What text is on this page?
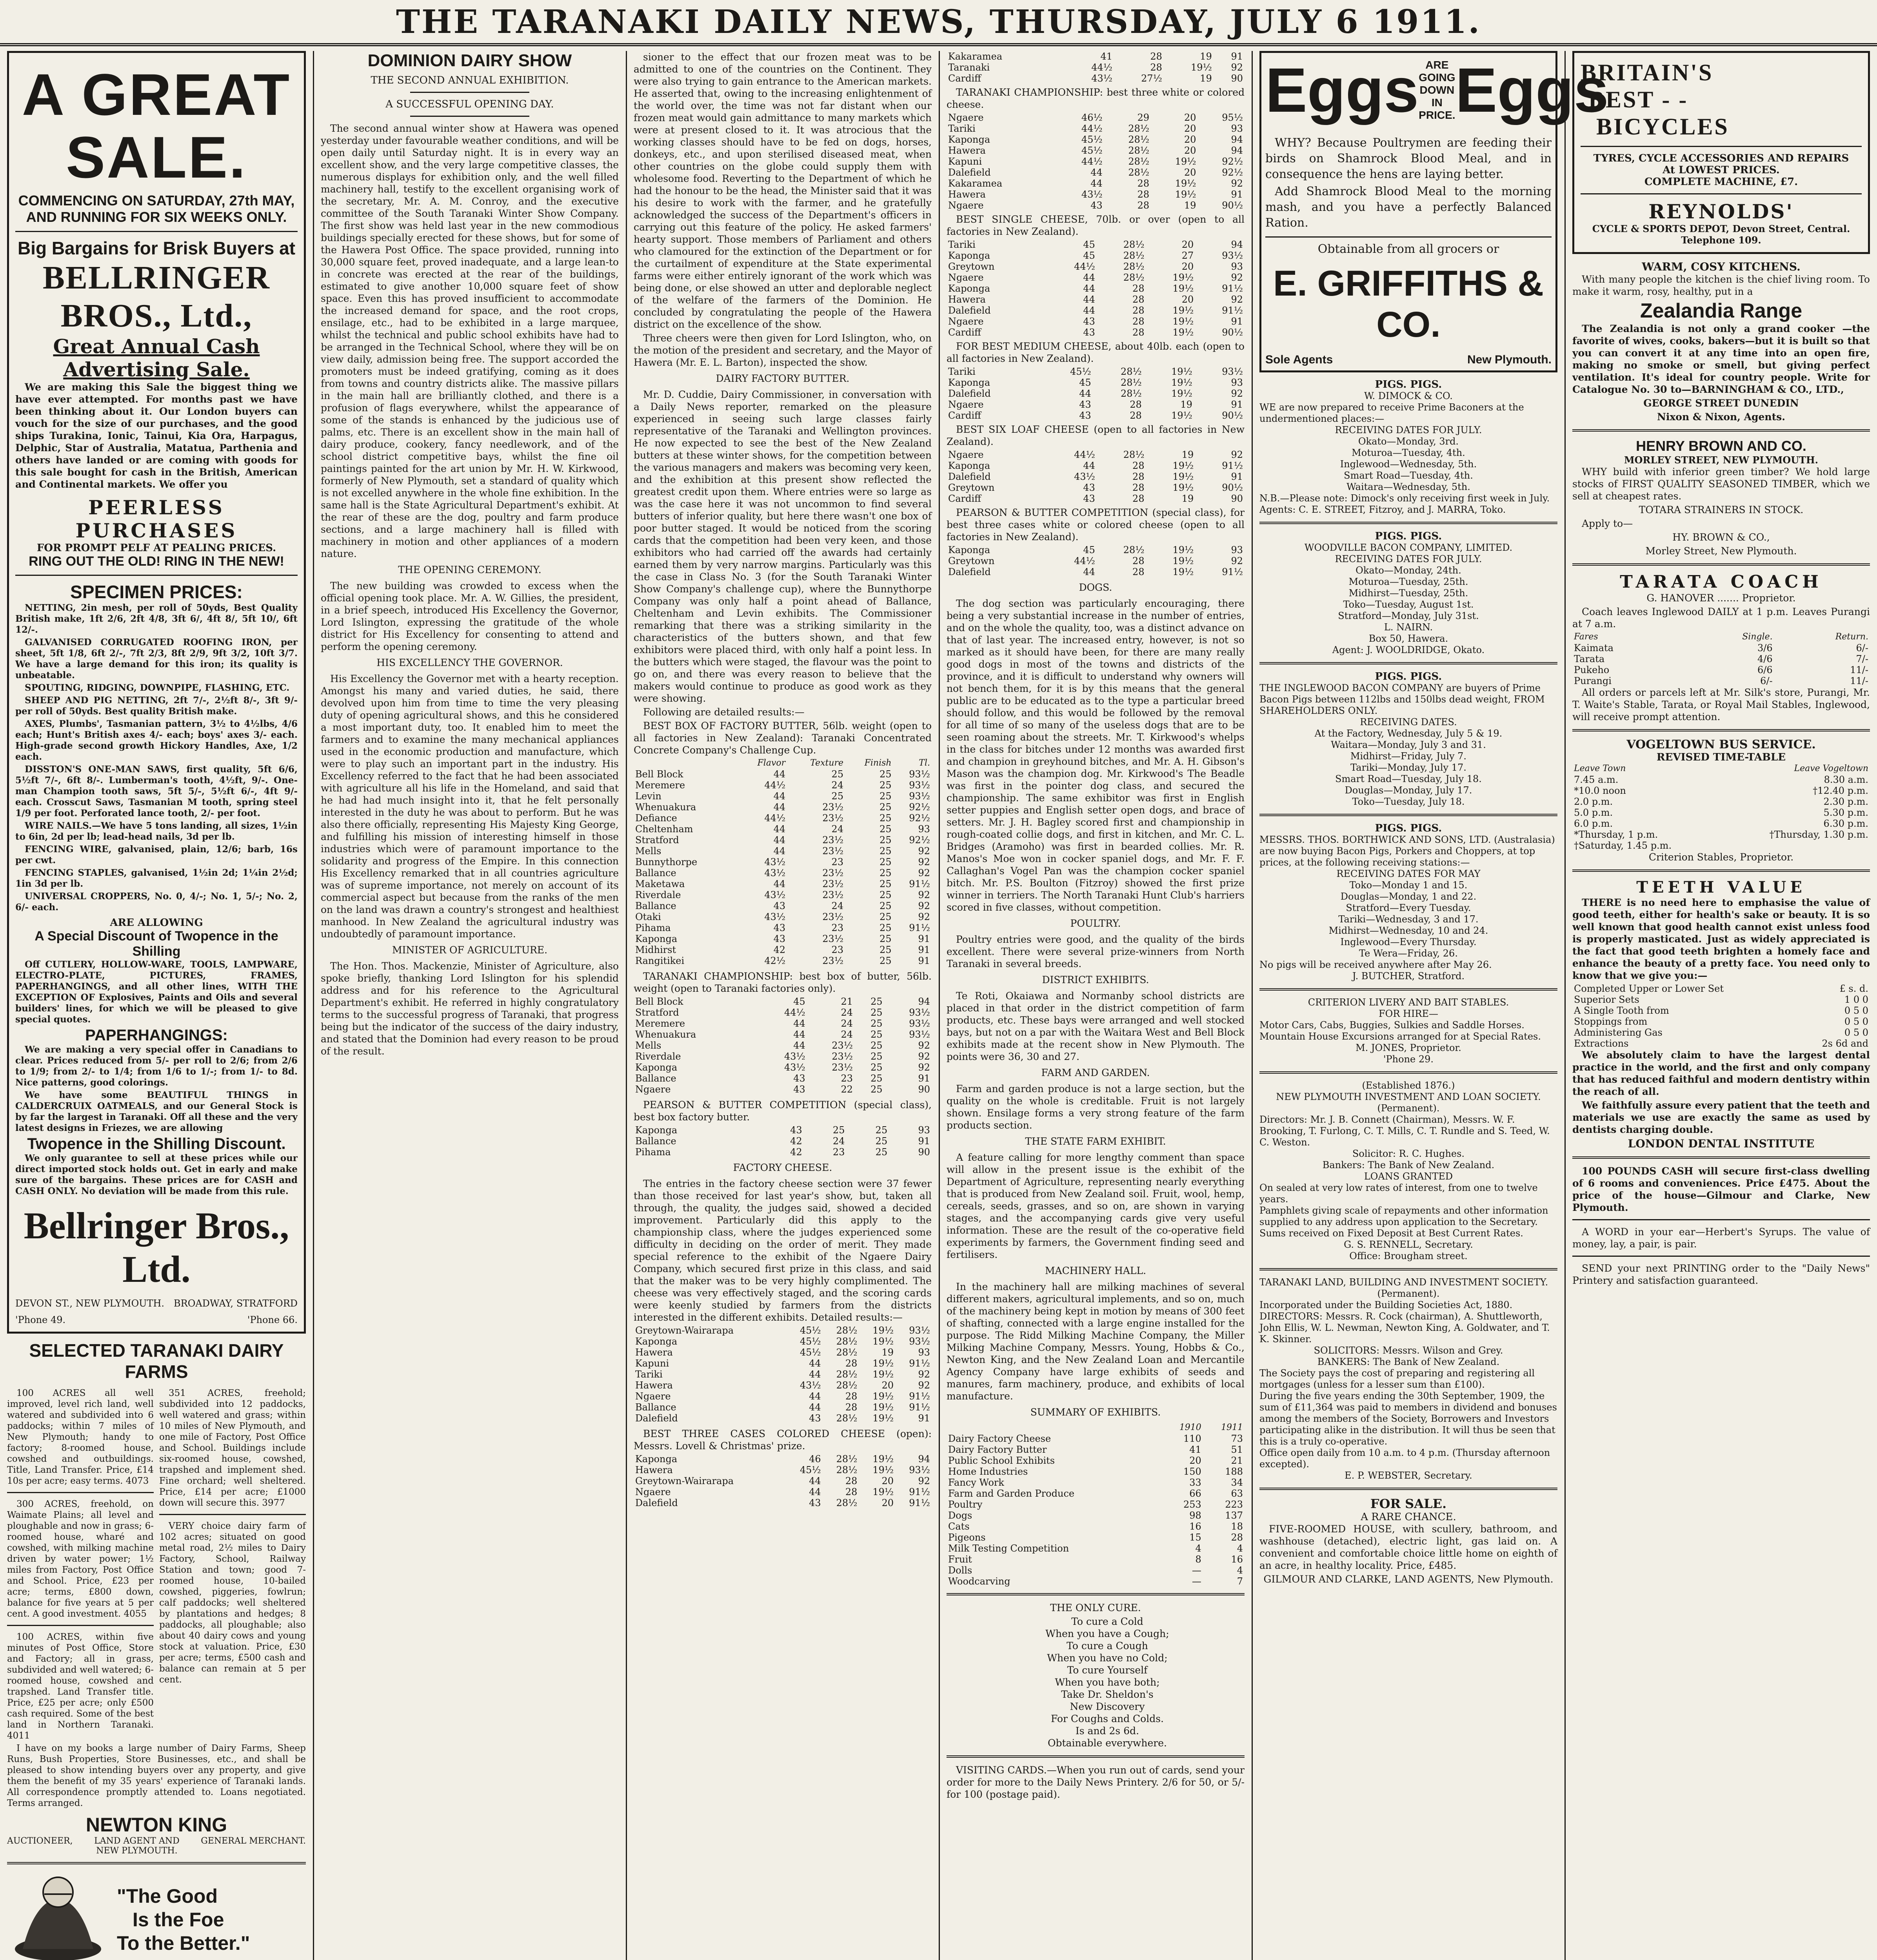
THE TARANAKI DAILY NEWS, THURSDAY, JULY 6 1911.
A GREAT SALE.
COMMENCING ON SATURDAY, 27th MAY,
AND RUNNING FOR SIX WEEKS ONLY.
Big Bargains for Brisk Buyers at
BELLRINGER BROS., Ltd.,
Great Annual Cash Advertising Sale.

We are making this Sale the biggest thing we have ever attempted. For months past we have been thinking about it. Our London buyers can vouch for the size of our purchases, and the good ships Turakina, Ionic, Tainui, Kia Ora, Harpagus, Delphic, Star of Australia, Matatua, Parthenia and others have landed or are coming with goods for this sale bought for cash in the British, American and Continental markets. We offer you

PEERLESS PURCHASES
FOR PROMPT PELF AT PEALING PRICES.
RING OUT THE OLD! RING IN THE NEW!
SPECIMEN PRICES:

NETTING, 2in mesh, per roll of 50yds, Best Quality British make, 1ft 2/6, 2ft 4/8, 3ft 6/, 4ft 8/, 5ft 10/, 6ft 12/-.

GALVANISED CORRUGATED ROOFING IRON, per sheet, 5ft 1/8, 6ft 2/-, 7ft 2/3, 8ft 2/9, 9ft 3/2, 10ft 3/7. We have a large demand for this iron; its quality is unbeatable.

SPOUTING, RIDGING, DOWNPIPE, FLASHING, ETC.

SHEEP AND PIG NETTING, 2ft 7/-, 2½ft 8/-, 3ft 9/- per roll of 50yds. Best quality British make.

AXES, Plumbs', Tasmanian pattern, 3½ to 4½lbs, 4/6 each; Hunt's British axes 4/- each; boys' axes 3/- each. High-grade second growth Hickory Handles, Axe, 1/2 each.

DISSTON'S ONE-MAN SAWS, first quality, 5ft 6/6, 5½ft 7/-, 6ft 8/-. Lumberman's tooth, 4½ft, 9/-. One-man Champion tooth saws, 5ft 5/-, 5½ft 6/-, 4ft 9/- each. Crosscut Saws, Tasmanian M tooth, spring steel 1/9 per foot. Perforated lance tooth, 2/- per foot.

WIRE NAILS.—We have 5 tons landing, all sizes, 1½in to 6in, 2d per lb; lead-head nails, 3d per lb.

FENCING WIRE, galvanised, plain, 12/6; barb, 16s per cwt.

FENCING STAPLES, galvanised, 1½in 2d; 1¼in 2½d; 1in 3d per lb.

UNIVERSAL CROPPERS, No. 0, 4/-; No. 1, 5/-; No. 2, 6/- each.

ARE ALLOWING
A Special Discount of Twopence in the Shilling

Off CUTLERY, HOLLOW-WARE, TOOLS, LAMPWARE, ELECTRO-PLATE, PICTURES, FRAMES, PAPERHANGINGS, and all other lines, WITH THE EXCEPTION OF Explosives, Paints and Oils and several builders' lines, for which we will be pleased to give special quotes.

PAPERHANGINGS:

We are making a very special offer in Canadians to clear. Prices reduced from 5/- per roll to 2/6; from 2/6 to 1/9; from 2/- to 1/4; from 1/6 to 1/-; from 1/- to 8d. Nice patterns, good colorings.

We have some BEAUTIFUL THINGS in CALDERCRUIX OATMEALS, and our General Stock is by far the largest in Taranaki. Off all these and the very latest designs in Friezes, we are allowing

Twopence in the Shilling Discount.

We only guarantee to sell at these prices while our direct imported stock holds out. Get in early and make sure of the bargains. These prices are for CASH and CASH ONLY. No deviation will be made from this rule.

Bellringer Bros., Ltd.
DEVON ST., NEW PLYMOUTH. BROADWAY, STRATFORD
'Phone 49.	'Phone 66.
SELECTED TARANAKI DAIRY FARMS

100 ACRES all well improved, level rich land, well watered and subdivided into 6 paddocks; within 7 miles of New Plymouth; handy to factory; 8-roomed house, cowshed and outbuildings. Title, Land Transfer. Price, £14 10s per acre; easy terms. 4073

300 ACRES, freehold, on Waimate Plains; all level and ploughable and now in grass; 6-roomed house, wharé and cowshed, with milking machine driven by water power; 1½ miles from Factory, Post Office and School. Price, £23 per acre; terms, £800 down, balance for five years at 5 per cent. A good investment. 4055

100 ACRES, within five minutes of Post Office, Store and Factory; all in grass, subdivided and well watered; 6-roomed house, cowshed and trapshed. Land Transfer title. Price, £25 per acre; only £500 cash required. Some of the best land in Northern Taranaki. 4011

351 ACRES, freehold; subdivided into 12 paddocks, well watered and grass; within 10 miles of New Plymouth, and one mile of Factory, Post Office and School. Buildings include six-roomed house, cowshed, trapshed and implement shed. Fine orchard; well sheltered. Price, £14 per acre; £1000 down will secure this. 3977

VERY choice dairy farm of 102 acres; situated on good metal road, 2½ miles to Dairy Factory, School, Railway Station and town; good 7-roomed house, 10-bailed cowshed, piggeries, fowlrun; calf paddocks; well sheltered by plantations and hedges; 8 paddocks, all ploughable; also about 40 dairy cows and young stock at valuation. Price, £30 per acre; terms, £500 cash and balance can remain at 5 per cent.

I have on my books a large number of Dairy Farms, Sheep Runs, Bush Properties, Store Businesses, etc., and shall be pleased to show intending buyers over any property, and give them the benefit of my 35 years' experience of Taranaki lands. All correspondence promptly attended to. Loans negotiated. Terms arranged.

NEWTON KING
AUCTIONEER, LAND AGENT AND
NEW PLYMOUTH.
GENERAL MERCHANT.
"The Good
Is the Foe
To the Better."

DOMINION DAIRY SHOW
THE SECOND ANNUAL EXHIBITION.
A SUCCESSFUL OPENING DAY.

The second annual winter show at Hawera was opened yesterday under favourable weather conditions, and will be open daily until Saturday night. It is in every way an excellent show, and the very large competitive classes, the numerous displays for exhibition only, and the well filled machinery hall, testify to the excellent organising work of the secretary, Mr. A. M. Conroy, and the executive committee of the South Taranaki Winter Show Company. The first show was held last year in the new commodious buildings specially erected for these shows, but for some of the Hawera Post Office. The space provided, running into 30,000 square feet, proved inadequate, and a large lean-to in concrete was erected at the rear of the buildings, estimated to give another 10,000 square feet of show space. Even this has proved insufficient to accommodate the increased demand for space, and the root crops, ensilage, etc., had to be exhibited in a large marquee, whilst the technical and public school exhibits have had to be arranged in the Technical School, where they will be on view daily, admission being free. The support accorded the promoters must be indeed gratifying, coming as it does from towns and country districts alike. The massive pillars in the main hall are brilliantly clothed, and there is a profusion of flags everywhere, whilst the appearance of some of the stands is enhanced by the judicious use of palms, etc. There is an excellent show in the main hall of dairy produce, cookery, fancy needlework, and of the school district competitive bays, whilst the fine oil paintings painted for the art union by Mr. H. W. Kirkwood, formerly of New Plymouth, set a standard of quality which is not excelled anywhere in the whole fine exhibition. In the same hall is the State Agricultural Department's exhibit. At the rear of these are the dog, poultry and farm produce sections, and a large machinery hall is filled with machinery in motion and other appliances of a modern nature.

THE OPENING CEREMONY.

The new building was crowded to excess when the official opening took place. Mr. A. W. Gillies, the president, in a brief speech, introduced His Excellency the Governor, Lord Islington, expressing the gratitude of the whole district for His Excellency for consenting to attend and perform the opening ceremony.

HIS EXCELLENCY THE GOVERNOR.

His Excellency the Governor met with a hearty reception. Amongst his many and varied duties, he said, there devolved upon him from time to time the very pleasing duty of opening agricultural shows, and this he considered a most important duty, too. It enabled him to meet the farmers and to examine the many mechanical appliances used in the economic production and manufacture, which were to play such an important part in the industry. His Excellency referred to the fact that he had been associated with agriculture all his life in the Homeland, and said that he had had much insight into it, that he felt personally interested in the duty he was about to perform. But he was also there officially, representing His Majesty King George, and fulfilling his mission of interesting himself in those industries which were of paramount importance to the solidarity and progress of the Empire. In this connection His Excellency remarked that in all countries agriculture was of supreme importance, not merely on account of its commercial aspect but because from the ranks of the men on the land was drawn a country's strongest and healthiest manhood. In New Zealand the agricultural industry was undoubtedly of paramount importance.

MINISTER OF AGRICULTURE.

The Hon. Thos. Mackenzie, Minister of Agriculture, also spoke briefly, thanking Lord Islington for his splendid address and for his reference to the Agricultural Department's exhibit. He referred in highly congratulatory terms to the successful progress of Taranaki, that progress being but the indicator of the success of the dairy industry, and stated that the Dominion had every reason to be proud of the result.

sioner to the effect that our frozen meat was to be admitted to one of the countries on the Continent. They were also trying to gain entrance to the American markets. He asserted that, owing to the increasing enlightenment of the world over, the time was not far distant when our frozen meat would gain admittance to many markets which were at present closed to it. It was atrocious that the working classes should have to be fed on dogs, horses, donkeys, etc., and upon sterilised diseased meat, when other countries on the globe could supply them with wholesome food. Reverting to the Department of which he had the honour to be the head, the Minister said that it was his desire to work with the farmer, and he gratefully acknowledged the success of the Department's officers in carrying out this feature of the policy. He asked farmers' hearty support. Those members of Parliament and others who clamoured for the extinction of the Department or for the curtailment of expenditure at the State experimental farms were either entirely ignorant of the work which was being done, or else showed an utter and deplorable neglect of the welfare of the farmers of the Dominion. He concluded by congratulating the people of the Hawera district on the excellence of the show.

Three cheers were then given for Lord Islington, who, on the motion of the president and secretary, and the Mayor of Hawera (Mr. E. L. Barton), inspected the show.

DAIRY FACTORY BUTTER.

Mr. D. Cuddie, Dairy Commissioner, in conversation with a Daily News reporter, remarked on the pleasure experienced in seeing such large classes fairly representative of the Taranaki and Wellington provinces. He now expected to see the best of the New Zealand butters at these winter shows, for the competition between the various managers and makers was becoming very keen, and the exhibition at this present show reflected the greatest credit upon them. Where entries were so large as was the case here it was not uncommon to find several butters of inferior quality, but here there wasn't one box of poor butter staged. It would be noticed from the scoring cards that the competition had been very keen, and those exhibitors who had carried off the awards had certainly earned them by very narrow margins. Particularly was this the case in Class No. 3 (for the South Taranaki Winter Show Company's challenge cup), where the Bunnythorpe Company was only half a point ahead of Ballance, Cheltenham and Levin exhibits. The Commissioner remarking that there was a striking similarity in the characteristics of the butters shown, and that few exhibitors were placed third, with only half a point less. In the butters which were staged, the flavour was the point to go on, and there was every reason to believe that the makers would continue to produce as good work as they were showing.

Following are detailed results:—

BEST BOX OF FACTORY BUTTER, 56lb. weight (open to all factories in New Zealand): Taranaki Concentrated Concrete Company's Challenge Cup.

	Flavor	Texture	Finish	Tl.
Bell Block	44	25	25	93½
Meremere	44½	24	25	93½
Levin	44	25	25	93½
Whenuakura	44	23½	25	92½
Defiance	44½	23½	25	92½
Cheltenham	44	24	25	93
Stratford	44	23½	25	92½
Mells	44	23½	25	92
Bunnythorpe	43½	23	25	92
Ballance	43½	23½	25	92
Maketawa	44	23½	25	91½
Riverdale	43½	23½	25	92
Ballance	43	24	25	92
Otaki	43½	23½	25	92
Pihama	43	23	25	91½
Kaponga	43	23½	25	91
Midhirst	42	23	25	91
Rangitikei	42½	23½	25	91

TARANAKI CHAMPIONSHIP: best box of butter, 56lb. weight (open to Taranaki factories only).

Bell Block	45	21	25	94
Stratford	44½	24	25	93½
Meremere	44	24	25	93½
Whenuakura	44	24	25	93½
Mells	44	23½	25	92
Riverdale	43½	23½	25	92
Kaponga	43½	23½	25	92
Ballance	43	23	25	91
Ngaere	43	22	25	90

PEARSON & BUTTER COMPETITION (special class), best box factory butter.

Kaponga	43	25	25	93
Ballance	42	24	25	91
Pihama	42	23	25	90

FACTORY CHEESE.

The entries in the factory cheese section were 37 fewer than those received for last year's show, but, taken all through, the quality, the judges said, showed a decided improvement. Particularly did this apply to the championship class, where the judges experienced some difficulty in deciding on the order of merit. They made special reference to the exhibit of the Ngaere Dairy Company, which secured first prize in this class, and said that the maker was to be very highly complimented. The cheese was very effectively staged, and the scoring cards were keenly studied by farmers from the districts interested in the different exhibits. Detailed results:—

Greytown-Wairarapa	45½	28½	19½	93½
Kaponga	45½	28½	19½	93½
Hawera	45½	28½	19	93
Kapuni	44	28	19½	91½
Tariki	44	28½	19½	92
Hawera	43½	28½	20	92
Ngaere	44	28	19½	91½
Ballance	44	28	19½	91½
Dalefield	43	28½	19½	91

BEST THREE CASES COLORED CHEESE (open): Messrs. Lovell & Christmas' prize.

Kaponga	46	28½	19½	94
Hawera	45½	28½	19½	93½
Greytown-Wairarapa	44	28	20	92
Ngaere	44	28	19½	91½
Dalefield	43	28½	20	91½
Kakaramea	41	28	19	91
Taranaki	44½	28	19½	92
Cardiff	43½	27½	19	90

TARANAKI CHAMPIONSHIP: best three white or colored cheese.

Ngaere	46½	29	20	95½
Tariki	44½	28½	20	93
Kaponga	45½	28½	20	94
Hawera	45½	28½	20	94
Kapuni	44½	28½	19½	92½
Dalefield	44	28½	20	92½
Kakaramea	44	28	19½	92
Hawera	43½	28	19½	91
Ngaere	43	28	19	90½

BEST SINGLE CHEESE, 70lb. or over (open to all factories in New Zealand).

Tariki	45	28½	20	94
Kaponga	45	28½	27	93½
Greytown	44½	28½	20	93
Ngaere	44	28½	19½	92
Kaponga	44	28	19½	91½
Hawera	44	28	20	92
Dalefield	44	28	19½	91½
Ngaere	43	28	19½	91
Cardiff	43	28	19½	90½

FOR BEST MEDIUM CHEESE, about 40lb. each (open to all factories in New Zealand).

Tariki	45½	28½	19½	93½
Kaponga	45	28½	19½	93
Dalefield	44	28½	19½	92
Ngaere	43	28	19	91
Cardiff	43	28	19½	90½

BEST SIX LOAF CHEESE (open to all factories in New Zealand).

Ngaere	44½	28½	19	92
Kaponga	44	28	19½	91½
Dalefield	43½	28	19½	91
Greytown	43	28	19½	90½
Cardiff	43	28	19	90

PEARSON & BUTTER COMPETITION (special class), for best three cases white or colored cheese (open to all factories in New Zealand).

Kaponga	45	28½	19½	93
Greytown	44½	28	19½	92
Dalefield	44	28	19½	91½

DOGS.

The dog section was particularly encouraging, there being a very substantial increase in the number of entries, and on the whole the quality, too, was a distinct advance on that of last year. The increased entry, however, is not so marked as it should have been, for there are many really good dogs in most of the towns and districts of the province, and it is difficult to understand why owners will not bench them, for it is by this means that the general public are to be educated as to the type a particular breed should follow, and this would be followed by the removal for all time of so many of the useless dogs that are to be seen roaming about the streets. Mr. T. Kirkwood's whelps in the class for bitches under 12 months was awarded first and champion in greyhound bitches, and Mr. A. H. Gibson's Mason was the champion dog. Mr. Kirkwood's The Beadle was first in the pointer dog class, and secured the championship. The same exhibitor was first in English setter puppies and English setter open dogs, and brace of setters. Mr. J. H. Bagley scored first and championship in rough-coated collie dogs, and first in kitchen, and Mr. C. L. Bridges (Aramoho) was first in bearded collies. Mr. R. Manos's Moe won in cocker spaniel dogs, and Mr. F. F. Callaghan's Vogel Pan was the champion cocker spaniel bitch. Mr. P.S. Boulton (Fitzroy) showed the first prize winner in terriers. The North Taranaki Hunt Club's harriers scored in five classes, without competition.

POULTRY.

Poultry entries were good, and the quality of the birds excellent. There were several prize-winners from North Taranaki in several breeds.

DISTRICT EXHIBITS.

Te Roti, Okaiawa and Normanby school districts are placed in that order in the district competition of farm products, etc. These bays were arranged and well stocked bays, but not on a par with the Waitara West and Bell Block exhibits made at the recent show in New Plymouth. The points were 36, 30 and 27.

FARM AND GARDEN.

Farm and garden produce is not a large section, but the quality on the whole is creditable. Fruit is not largely shown. Ensilage forms a very strong feature of the farm products section.

THE STATE FARM EXHIBIT.

A feature calling for more lengthy comment than space will allow in the present issue is the exhibit of the Department of Agriculture, representing nearly everything that is produced from New Zealand soil. Fruit, wool, hemp, cereals, seeds, grasses, and so on, are shown in varying stages, and the accompanying cards give very useful information. These are the result of the co-operative field experiments by farmers, the Government finding seed and fertilisers.

MACHINERY HALL.

In the machinery hall are milking machines of several different makers, agricultural implements, and so on, much of the machinery being kept in motion by means of 300 feet of shafting, connected with a large engine installed for the purpose. The Ridd Milking Machine Company, the Miller Milking Machine Company, Messrs. Young, Hobbs & Co., Newton King, and the New Zealand Loan and Mercantile Agency Company have large exhibits of seeds and manures, farm machinery, produce, and exhibits of local manufacture.

SUMMARY OF EXHIBITS.

	1910	1911
Dairy Factory Cheese	110	73
Dairy Factory Butter	41	51
Public School Exhibits	20	21
Home Industries	150	188
Fancy Work	33	34
Farm and Garden Produce	66	63
Poultry	253	223
Dogs	98	137
Cats	16	18
Pigeons	15	28
Milk Testing Competition	4	4
Fruit	8	16
Dolls	—	4
Woodcarving	—	7

THE ONLY CURE.

To cure a Cold
When you have a Cough;
To cure a Cough
When you have no Cold;
To cure Yourself
When you have both;
Take Dr. Sheldon's
New Discovery
For Coughs and Colds.
Is and 2s 6d.
Obtainable everywhere.

VISITING CARDS.—When you run out of cards, send your order for more to the Daily News Printery. 2/6 for 50, or 5/- for 100 (postage paid).

Eggs ARE GOING DOWN
IN PRICE. Eggs

WHY? Because Poultrymen are feeding their birds on Shamrock Blood Meal, and in consequence the hens are laying better.

Add Shamrock Blood Meal to the morning mash, and you have a perfectly Balanced Ration.

Obtainable from all grocers or

E. GRIFFITHS & CO.
Sole Agents	New Plymouth.
PIGS. PIGS.
W. DIMOCK & CO.
WE are now prepared to receive Prime Baconers at the undermentioned places:—
RECEIVING DATES FOR JULY.
Okato—Monday, 3rd.
Moturoa—Tuesday, 4th.
Inglewood—Wednesday, 5th.
Smart Road—Tuesday, 4th.
Waitara—Wednesday, 5th.
N.B.—Please note: Dimock's only receiving first week in July.
Agents: C. E. STREET, Fitzroy, and J. MARRA, Toko.
PIGS. PIGS.
WOODVILLE BACON COMPANY, LIMITED.
RECEIVING DATES FOR JULY.
Okato—Monday, 24th.
Moturoa—Tuesday, 25th.
Midhirst—Tuesday, 25th.
Toko—Tuesday, August 1st.
Stratford—Monday, July 31st.
L. NAIRN.
Box 50, Hawera.
Agent: J. WOOLDRIDGE, Okato.
PIGS. PIGS.
THE INGLEWOOD BACON COMPANY are buyers of Prime Bacon Pigs between 112lbs and 150lbs dead weight, FROM SHAREHOLDERS ONLY.
RECEIVING DATES.
At the Factory, Wednesday, July 5 & 19.
Waitara—Monday, July 3 and 31.
Midhirst—Friday, July 7.
Tariki—Monday, July 17.
Smart Road—Tuesday, July 18.
Douglas—Monday, July 17.
Toko—Tuesday, July 18.
PIGS. PIGS.
MESSRS. THOS. BORTHWICK AND SONS, LTD. (Australasia) are now buying Bacon Pigs, Porkers and Choppers, at top prices, at the following receiving stations:—
RECEIVING DATES FOR MAY
Toko—Monday 1 and 15.
Douglas—Monday, 1 and 22.
Stratford—Every Tuesday.
Tariki—Wednesday, 3 and 17.
Midhirst—Wednesday, 10 and 24.
Inglewood—Every Thursday.
Te Wera—Friday, 26.
No pigs will be received anywhere after May 26.
J. BUTCHER, Stratford.
CRITERION LIVERY AND BAIT STABLES.
FOR HIRE—
Motor Cars, Cabs, Buggies, Sulkies and Saddle Horses.
Mountain House Excursions arranged for at Special Rates.
M. JONES, Proprietor.
'Phone 29.
(Established 1876.)
NEW PLYMOUTH INVESTMENT AND LOAN SOCIETY.
(Permanent).
Directors: Mr. J. B. Connett (Chairman), Messrs. W. F. Brooking, T. Furlong, C. T. Mills, C. T. Rundle and S. Teed, W. C. Weston.
Solicitor: R. C. Hughes.
Bankers: The Bank of New Zealand.
LOANS GRANTED
On sealed at very low rates of interest, from one to twelve years.
Pamphlets giving scale of repayments and other information supplied to any address upon application to the Secretary.
Sums received on Fixed Deposit at Best Current Rates.
G. S. RENNELL, Secretary.
Office: Brougham street.
TARANAKI LAND, BUILDING AND INVESTMENT SOCIETY.
(Permanent).
Incorporated under the Building Societies Act, 1880.
DIRECTORS: Messrs. R. Cock (chairman), A. Shuttleworth, John Ellis, W. L. Newman, Newton King, A. Goldwater, and T. K. Skinner.
SOLICITORS: Messrs. Wilson and Grey.
BANKERS: The Bank of New Zealand.
The Society pays the cost of preparing and registering all mortgages (unless for a lesser sum than £100).
During the five years ending the 30th September, 1909, the sum of £11,364 was paid to members in dividend and bonuses among the members of the Society, Borrowers and Investors participating alike in the distribution. It will thus be seen that this is a truly co-operative.
Office open daily from 10 a.m. to 4 p.m. (Thursday afternoon excepted).
E. P. WEBSTER, Secretary.
FOR SALE.
A RARE CHANCE.

FIVE-ROOMED HOUSE, with scullery, bathroom, and washhouse (detached), electric light, gas laid on. A convenient and comfortable choice little home on eighth of an acre, in healthy locality. Price, £485.

GILMOUR AND CLARKE, LAND AGENTS, New Plymouth.

BRITAIN'S
BEST - -
BICYCLES
TYRES, CYCLE ACCESSORIES AND REPAIRS
At LOWEST PRICES.
COMPLETE MACHINE, £7.
REYNOLDS'
CYCLE & SPORTS DEPOT, Devon Street, Central.
Telephone 109.
WARM, COSY KITCHENS.

With many people the kitchen is the chief living room. To make it warm, rosy, healthy, put in a

Zealandia Range

The Zealandia is not only a grand cooker —the favorite of wives, cooks, bakers—but it is built so that you can convert it at any time into an open fire, making no smoke or smell, but giving perfect ventilation. It's ideal for country people. Write for Catalogue No. 30 to—BARNINGHAM & CO., LTD.,

GEORGE STREET DUNEDIN

Nixon & Nixon, Agents.

HENRY BROWN AND CO.
MORLEY STREET, NEW PLYMOUTH.

WHY build with inferior green timber? We hold large stocks of FIRST QUALITY SEASONED TIMBER, which we sell at cheapest rates.

TOTARA STRAINERS IN STOCK.

Apply to—

HY. BROWN & CO.,

Morley Street, New Plymouth.

TARATA COACH

G. HANOVER ....... Proprietor.

Coach leaves Inglewood DAILY at 1 p.m. Leaves Purangi at 7 a.m.

Fares	Single.	Return.
Kaimata	3/6	6/-
Tarata	4/6	7/-
Pukeho	6/6	11/-
Purangi	6/-	11/-

All orders or parcels left at Mr. Silk's store, Purangi, Mr. T. Waite's Stable, Tarata, or Royal Mail Stables, Inglewood, will receive prompt attention.

VOGELTOWN BUS SERVICE.
REVISED TIME-TABLE
Leave Town	Leave Vogeltown
7.45 a.m.	8.30 a.m.
*10.0 noon	†12.40 p.m.
2.0 p.m.	2.30 p.m.
5.0 p.m.	5.30 p.m.
6.0 p.m.	6.30 p.m.
*Thursday, 1 p.m.	†Thursday, 1.30 p.m.
†Saturday, 1.45 p.m.	

Criterion Stables, Proprietor.

TEETH VALUE

THERE is no need here to emphasise the value of good teeth, either for health's sake or beauty. It is so well known that good health cannot exist unless food is properly masticated. Just as widely appreciated is the fact that good teeth brighten a homely face and enhance the beauty of a pretty face. You need only to know that we give you:—

Completed Upper or Lower Set	£ s. d.
Superior Sets	1 0 0
A Single Tooth from	0 5 0
Stoppings from	0 5 0
Administering Gas	0 5 0
Extractions	2s 6d and

We absolutely claim to have the largest dental practice in the world, and the first and only company that has reduced faithful and modern dentistry within the reach of all.

We faithfully assure every patient that the teeth and materials we use are exactly the same as used by dentists charging double.

LONDON DENTAL INSTITUTE

100 POUNDS CASH will secure first-class dwelling of 6 rooms and conveniences. Price £475. About the price of the house—Gilmour and Clarke, New Plymouth.

A WORD in your ear—Herbert's Syrups. The value of money, lay, a pair, is pair.

SEND your next PRINTING order to the "Daily News" Printery and satisfaction guaranteed.
